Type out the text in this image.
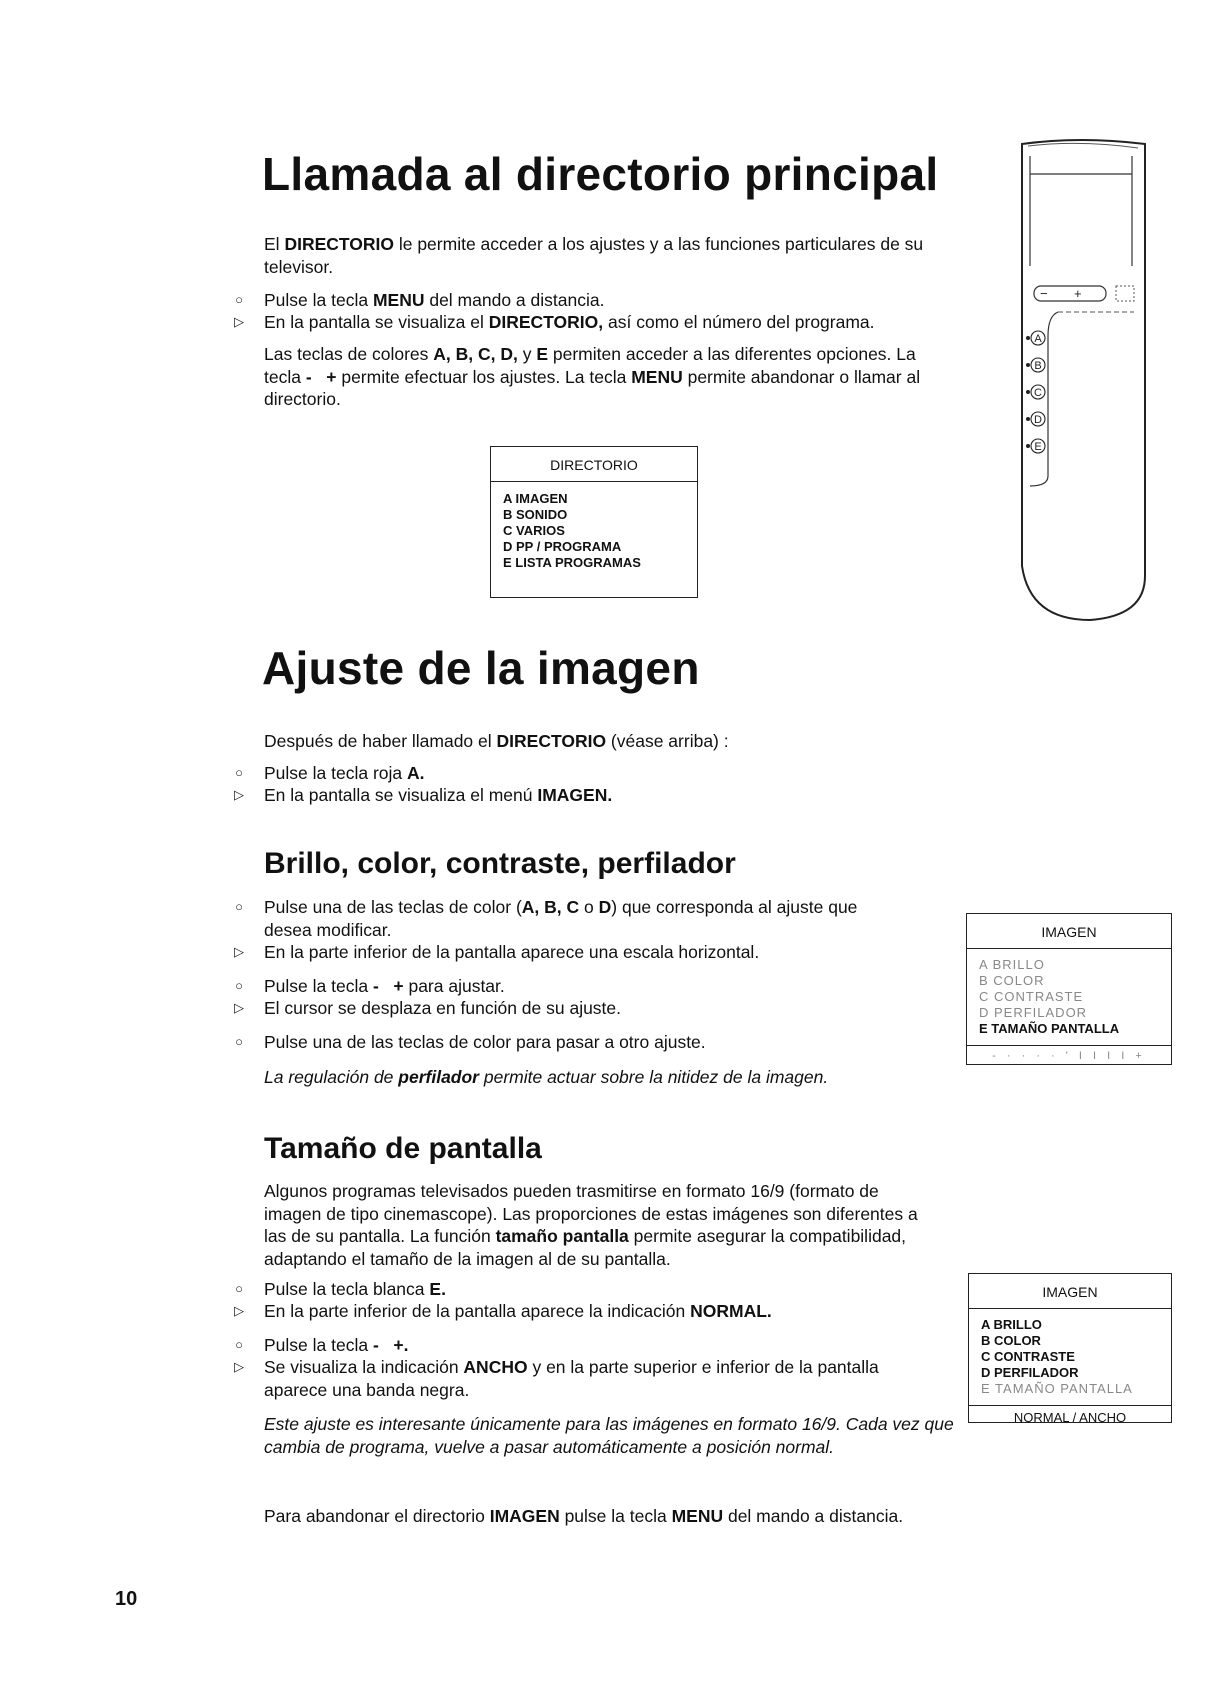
Llamada al directorio principal
El DIRECTORIO le permite acceder a los ajustes y a las funciones particulares de su televisor.
○ Pulse la tecla MENU del mando a distancia.
▷ En la pantalla se visualiza el DIRECTORIO, así como el número del programa.
Las teclas de colores A, B, C, D, y E permiten acceder a las diferentes opciones. La tecla -   + permite efectuar los ajustes. La tecla MENU permite abandonar o llamar al directorio.
DIRECTORIO
A IMAGEN
B SONIDO
C VARIOS
D PP / PROGRAMA
E LISTA PROGRAMAS
+
−
A
B
C
D
E
Ajuste de la imagen
Después de haber llamado el DIRECTORIO (véase arriba) :
○ Pulse la tecla roja A.
▷ En la pantalla se visualiza el menú IMAGEN.
Brillo, color, contraste, perfilador
○ Pulse una de las teclas de color (A, B, C o D) que corresponda al ajuste que desea modificar.
▷ En la parte inferior de la pantalla aparece una escala horizontal.
○ Pulse la tecla -   + para ajustar.
▷ El cursor se desplaza en función de su ajuste.
○ Pulse una de las teclas de color para pasar a otro ajuste.
La regulación de perfilador permite actuar sobre la nitidez de la imagen.
IMAGEN
A BRILLO
B COLOR
C CONTRASTE
D PERFILADOR
E TAMAÑO PANTALLA
- · · · · ' I I I I +
Tamaño de pantalla
Algunos programas televisados pueden trasmitirse en formato 16/9 (formato de imagen de tipo cinemascope). Las proporciones de estas imágenes son diferentes a las de su pantalla. La función tamaño pantalla permite asegurar la compatibilidad, adaptando el tamaño de la imagen al de su pantalla.
○ Pulse la tecla blanca E.
▷ En la parte inferior de la pantalla aparece la indicación NORMAL.
○ Pulse la tecla -   +.
▷ Se visualiza la indicación ANCHO y en la parte superior e inferior de la pantalla aparece una banda negra.
Este ajuste es interesante únicamente para las imágenes en formato 16/9. Cada vez que cambia de programa, vuelve a pasar automáticamente a posición normal.
Para abandonar el directorio IMAGEN pulse la tecla MENU del mando a distancia.
IMAGEN
A BRILLO
B COLOR
C CONTRASTE
D PERFILADOR
E TAMAÑO PANTALLA
NORMAL / ANCHO
10
